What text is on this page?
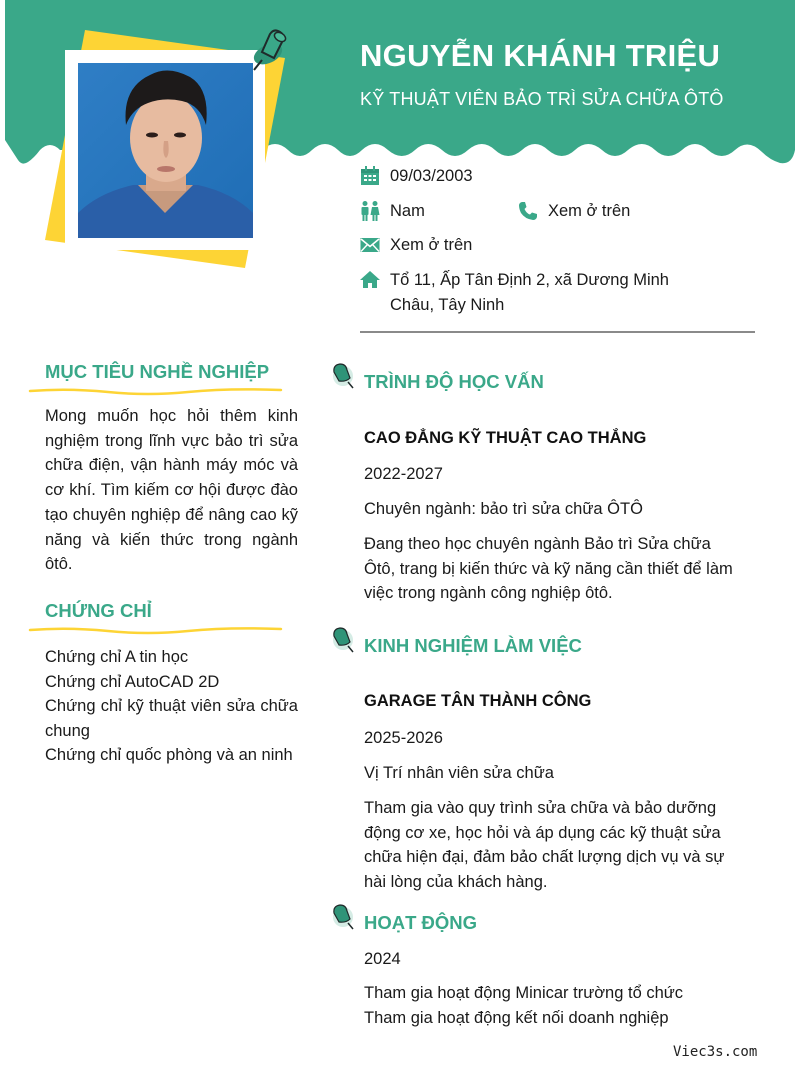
NGUYỄN KHÁNH TRIỆU
KỸ THUẬT VIÊN BẢO TRÌ SỬA CHỮA ÔTÔ
09/03/2003
Nam	Xem ở trên
Xem ở trên
Tổ 11, Ấp Tân Định 2, xã Dương Minh
Châu, Tây Ninh
MỤC TIÊU NGHỀ NGHIỆP
Mong muốn học hỏi thêm kinh nghiệm trong lĩnh vực bảo trì sửa chữa điện, vận hành máy móc và cơ khí. Tìm kiếm cơ hội được đào tạo chuyên nghiệp để nâng cao kỹ năng và kiến thức trong ngành ôtô.
CHỨNG CHỈ
Chứng chỉ A tin học
Chứng chỉ AutoCAD 2D
Chứng chỉ kỹ thuật viên sửa chữa chung
Chứng chỉ quốc phòng và an ninh
TRÌNH ĐỘ HỌC VẤN
CAO ĐẲNG KỸ THUẬT CAO THẮNG
2022-2027
Chuyên ngành: bảo trì sửa chữa ÔTÔ
Đang theo học chuyên ngành Bảo trì Sửa chữa Ôtô, trang bị kiến thức và kỹ năng cần thiết để làm việc trong ngành công nghiệp ôtô.
KINH NGHIỆM LÀM VIỆC
GARAGE TÂN THÀNH CÔNG
2025-2026
Vị Trí nhân viên sửa chữa
Tham gia vào quy trình sửa chữa và bảo dưỡng động cơ xe, học hỏi và áp dụng các kỹ thuật sửa chữa hiện đại, đảm bảo chất lượng dịch vụ và sự hài lòng của khách hàng.
HOẠT ĐỘNG
2024
Tham gia hoạt động Minicar trường tổ chức
Tham gia hoạt động kết nối doanh nghiệp
Viec3s.com
